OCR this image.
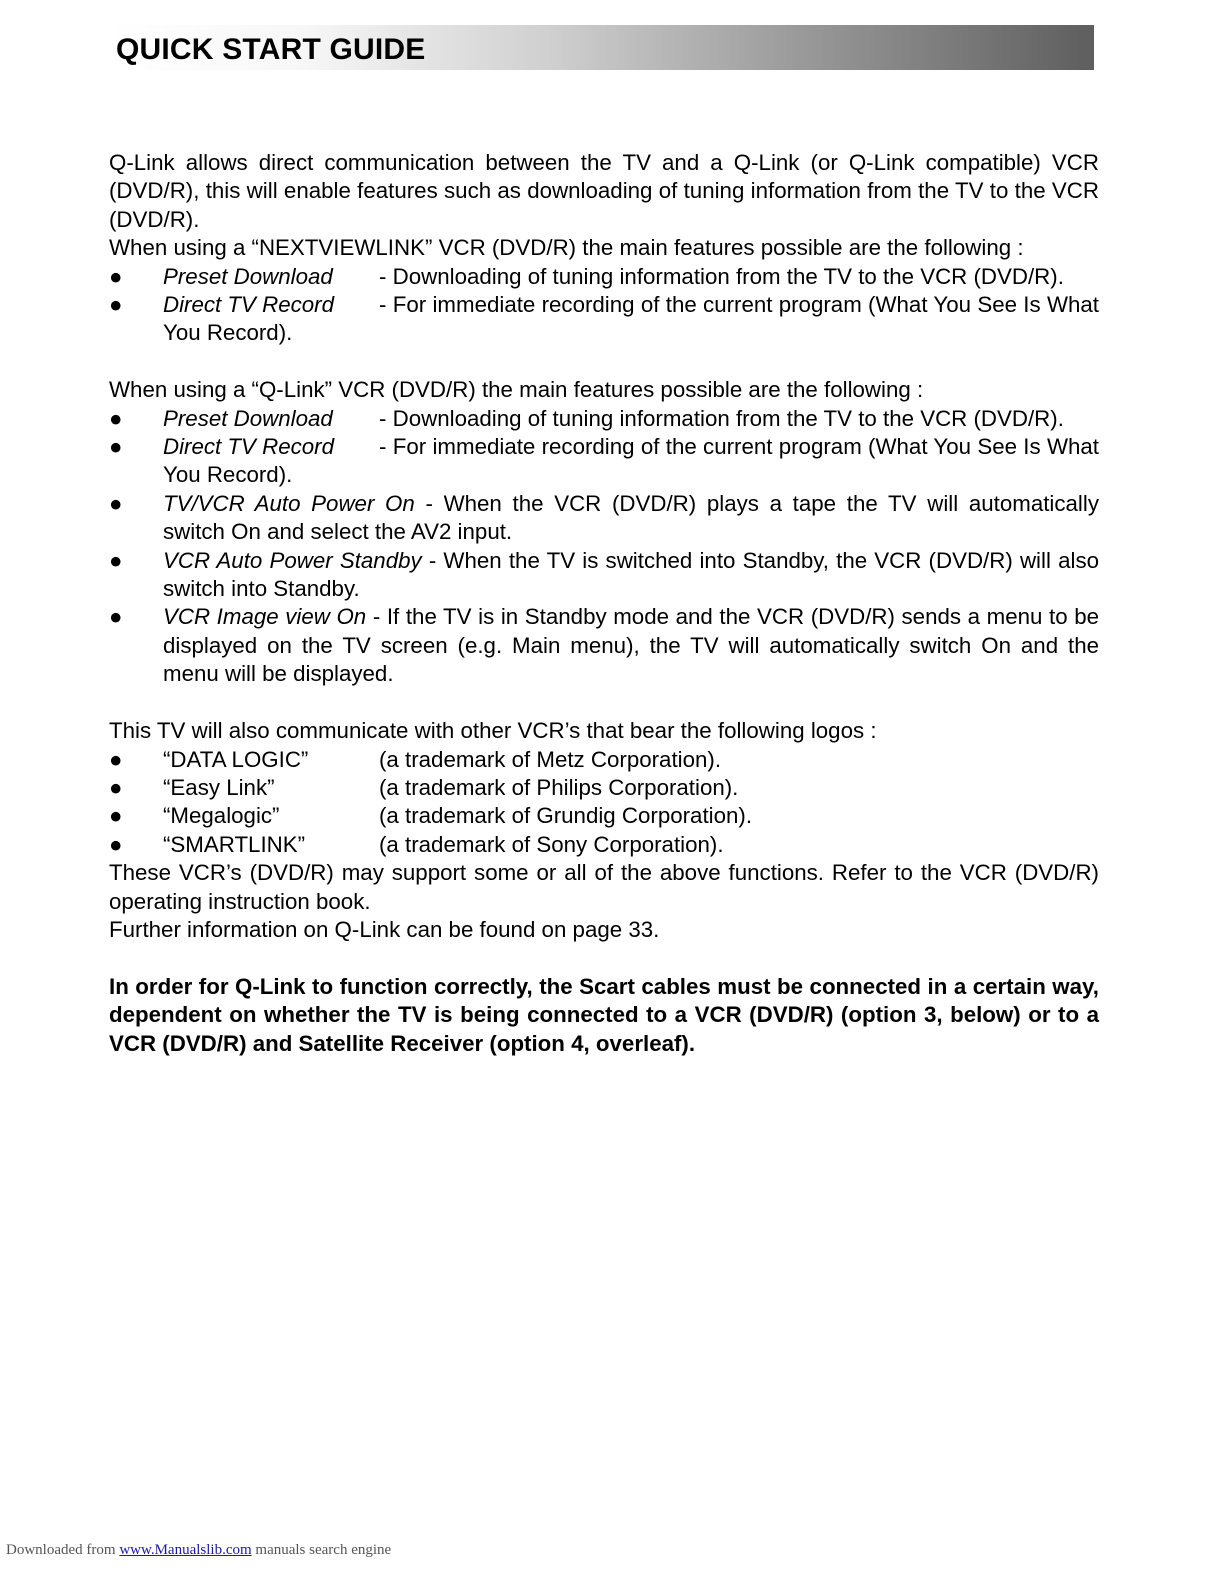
QUICK START GUIDE

Q-Link allows direct communication between the TV and a Q-Link (or Q-Link compatible) VCR (DVD/R), this will enable features such as downloading of tuning information from the TV to the VCR (DVD/R).

When using a “NEXTVIEWLINK” VCR (DVD/R) the main features possible are the following :

● Preset Download - Downloading of tuning information from the TV to the VCR (DVD/R).
● Direct TV Record - For immediate recording of the current program (What You See Is What You Record).

When using a “Q-Link” VCR (DVD/R) the main features possible are the following :

● Preset Download - Downloading of tuning information from the TV to the VCR (DVD/R).
● Direct TV Record - For immediate recording of the current program (What You See Is What You Record).
● TV/VCR Auto Power On - When the VCR (DVD/R) plays a tape the TV will automatically switch On and select the AV2 input.
● VCR Auto Power Standby - When the TV is switched into Standby, the VCR (DVD/R) will also switch into Standby.
● VCR Image view On - If the TV is in Standby mode and the VCR (DVD/R) sends a menu to be displayed on the TV screen (e.g. Main menu), the TV will automatically switch On and the menu will be displayed.

This TV will also communicate with other VCR’s that bear the following logos :

● “DATA LOGIC”	(a trademark of Metz Corporation).
● “Easy Link”	(a trademark of Philips Corporation).
● “Megalogic”	(a trademark of Grundig Corporation).
● “SMARTLINK”	(a trademark of Sony Corporation).

These VCR’s (DVD/R) may support some or all of the above functions. Refer to the VCR (DVD/R) operating instruction book.

Further information on Q-Link can be found on page 33.

In order for Q-Link to function correctly, the Scart cables must be connected in a certain way, dependent on whether the TV is being connected to a VCR (DVD/R) (option 3, below) or to a VCR (DVD/R) and Satellite Receiver (option 4, overleaf).

Downloaded from www.Manualslib.com manuals search engine
